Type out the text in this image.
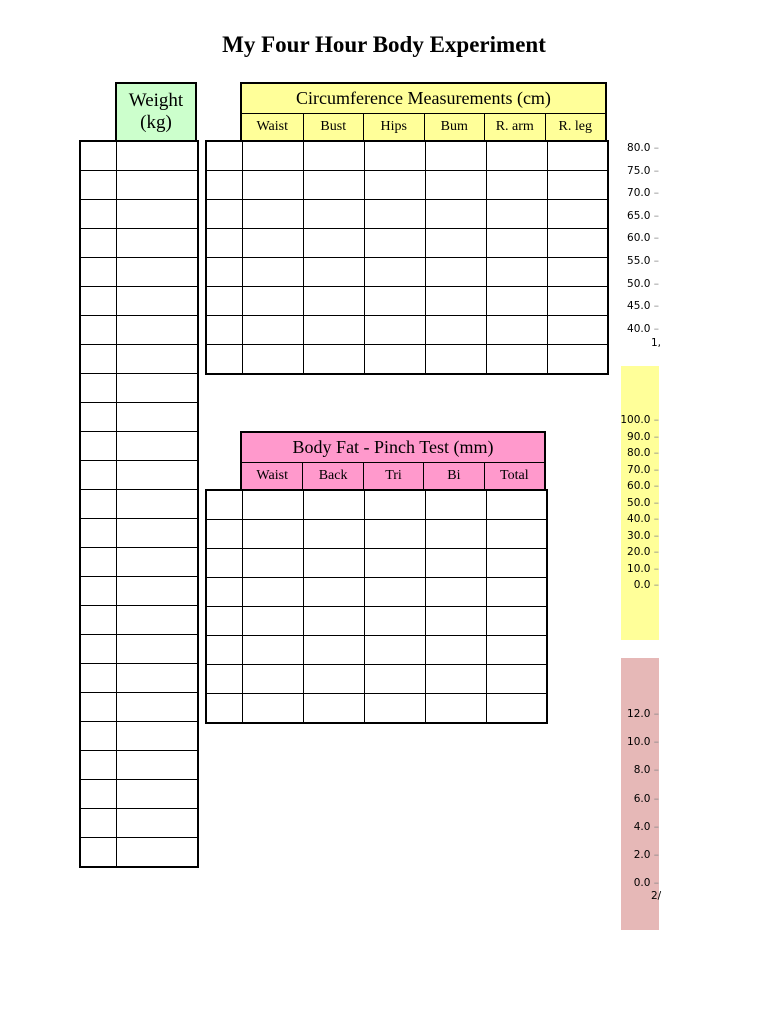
My Four Hour Body Experiment
Weight
(kg)

Circumference Measurements (cm)
Waist	Bust	Hips	Bum	R. arm	R. leg

Body Fat - Pinch Test (mm)
Waist	Back	Tri	Bi	Total

80.0 –
75.0 –
70.0 –
65.0 –
60.0 –
55.0 –
50.0 –
45.0 –
40.0 –
1,
100.0 –
90.0 –
80.0 –
70.0 –
60.0 –
50.0 –
40.0 –
30.0 –
20.0 –
10.0 –
0.0 –
12.0 –
10.0 –
8.0 –
6.0 –
4.0 –
2.0 –
0.0 –
2/
